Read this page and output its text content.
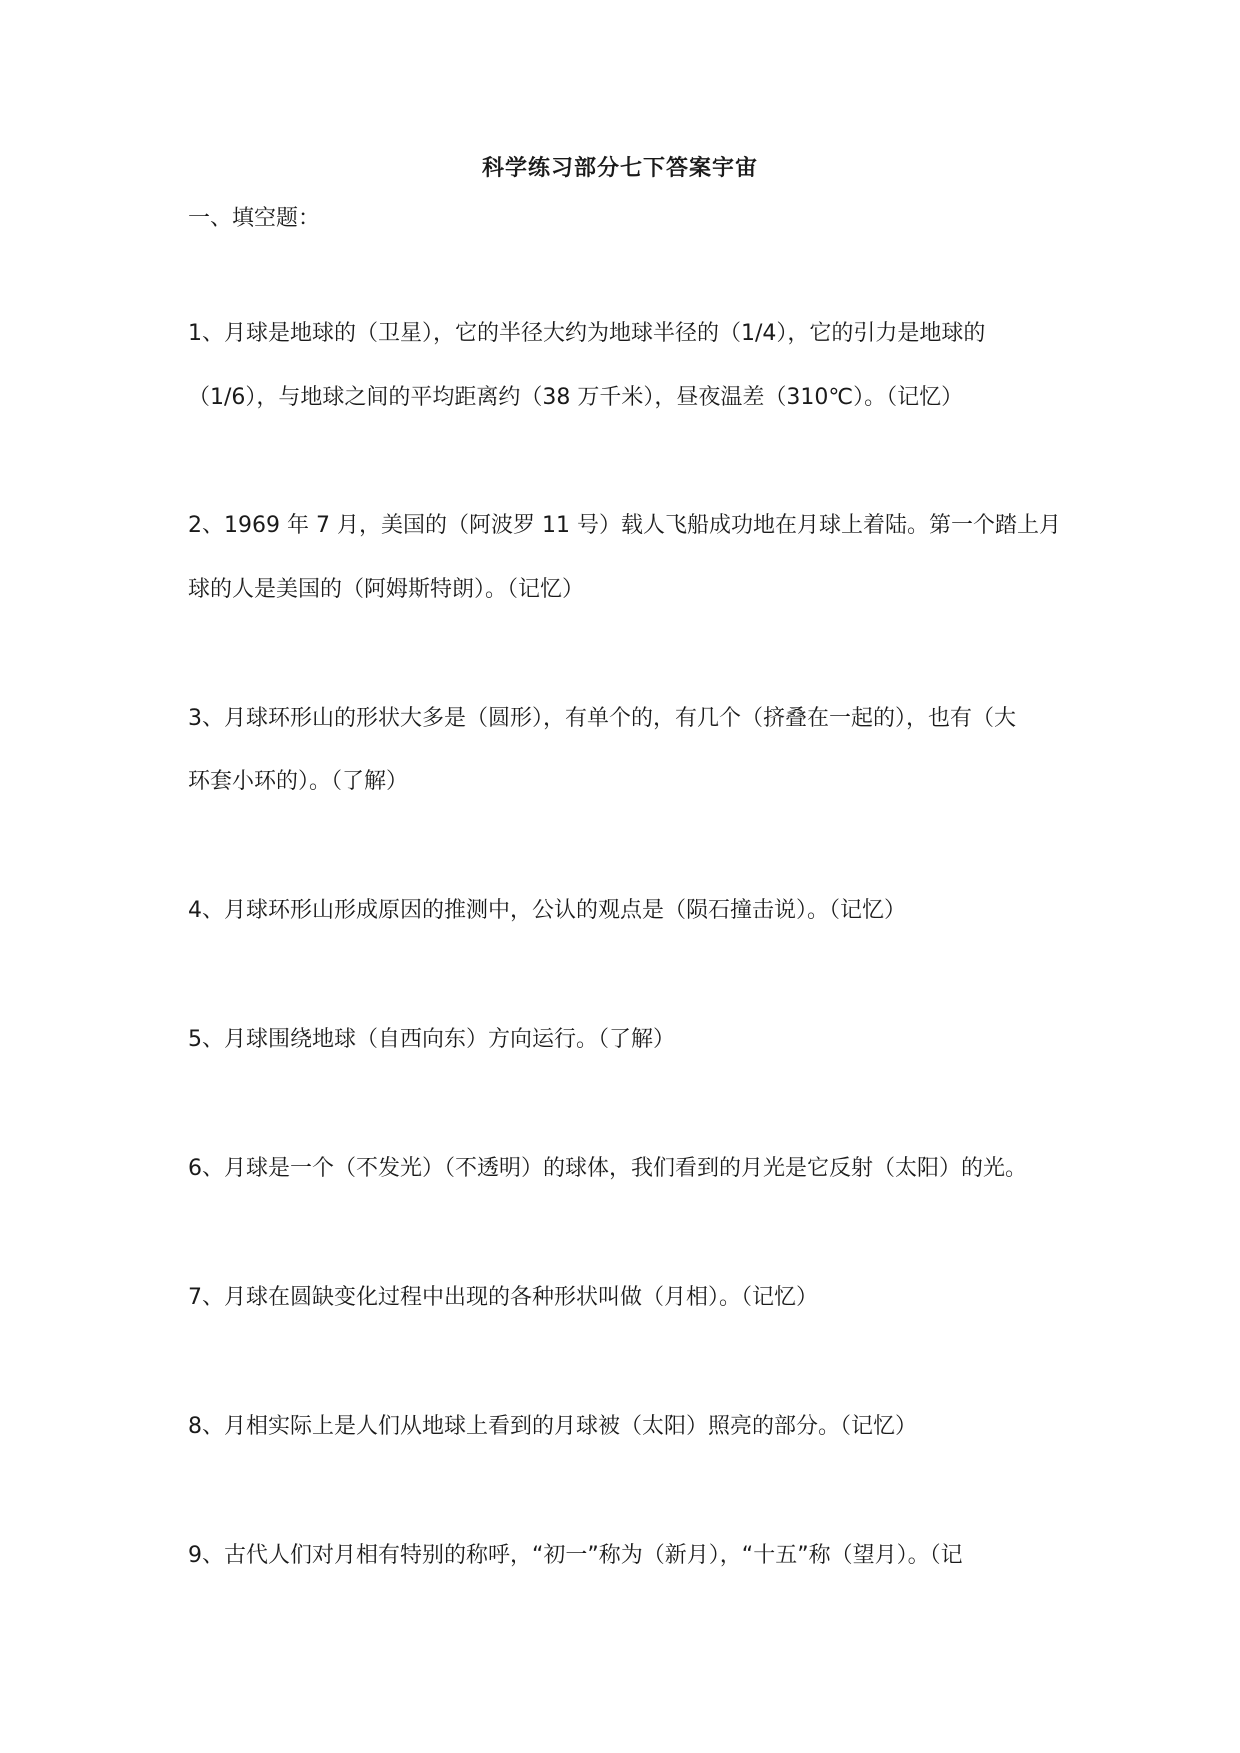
科学练习部分七下答案宇宙
一、填空题：

1、月球是地球的（卫星），它的半径大约为地球半径的（1/4），它的引力是地球的

（1/6），与地球之间的平均距离约（38 万千米），昼夜温差（310℃）。（记忆）

2、1969 年 7 月，美国的（阿波罗 11 号）载人飞船成功地在月球上着陆。第一个踏上月

球的人是美国的（阿姆斯特朗）。（记忆）

3、月球环形山的形状大多是（圆形），有单个的，有几个（挤叠在一起的），也有（大

环套小环的）。（了解）

4、月球环形山形成原因的推测中，公认的观点是（陨石撞击说）。（记忆）

5、月球围绕地球（自西向东）方向运行。（了解）

6、月球是一个（不发光）（不透明）的球体，我们看到的月光是它反射（太阳）的光。

7、月球在圆缺变化过程中出现的各种形状叫做（月相）。（记忆）

8、月相实际上是人们从地球上看到的月球被（太阳）照亮的部分。（记忆）

9、古代人们对月相有特别的称呼，“初一”称为（新月），“十五”称（望月）。（记
